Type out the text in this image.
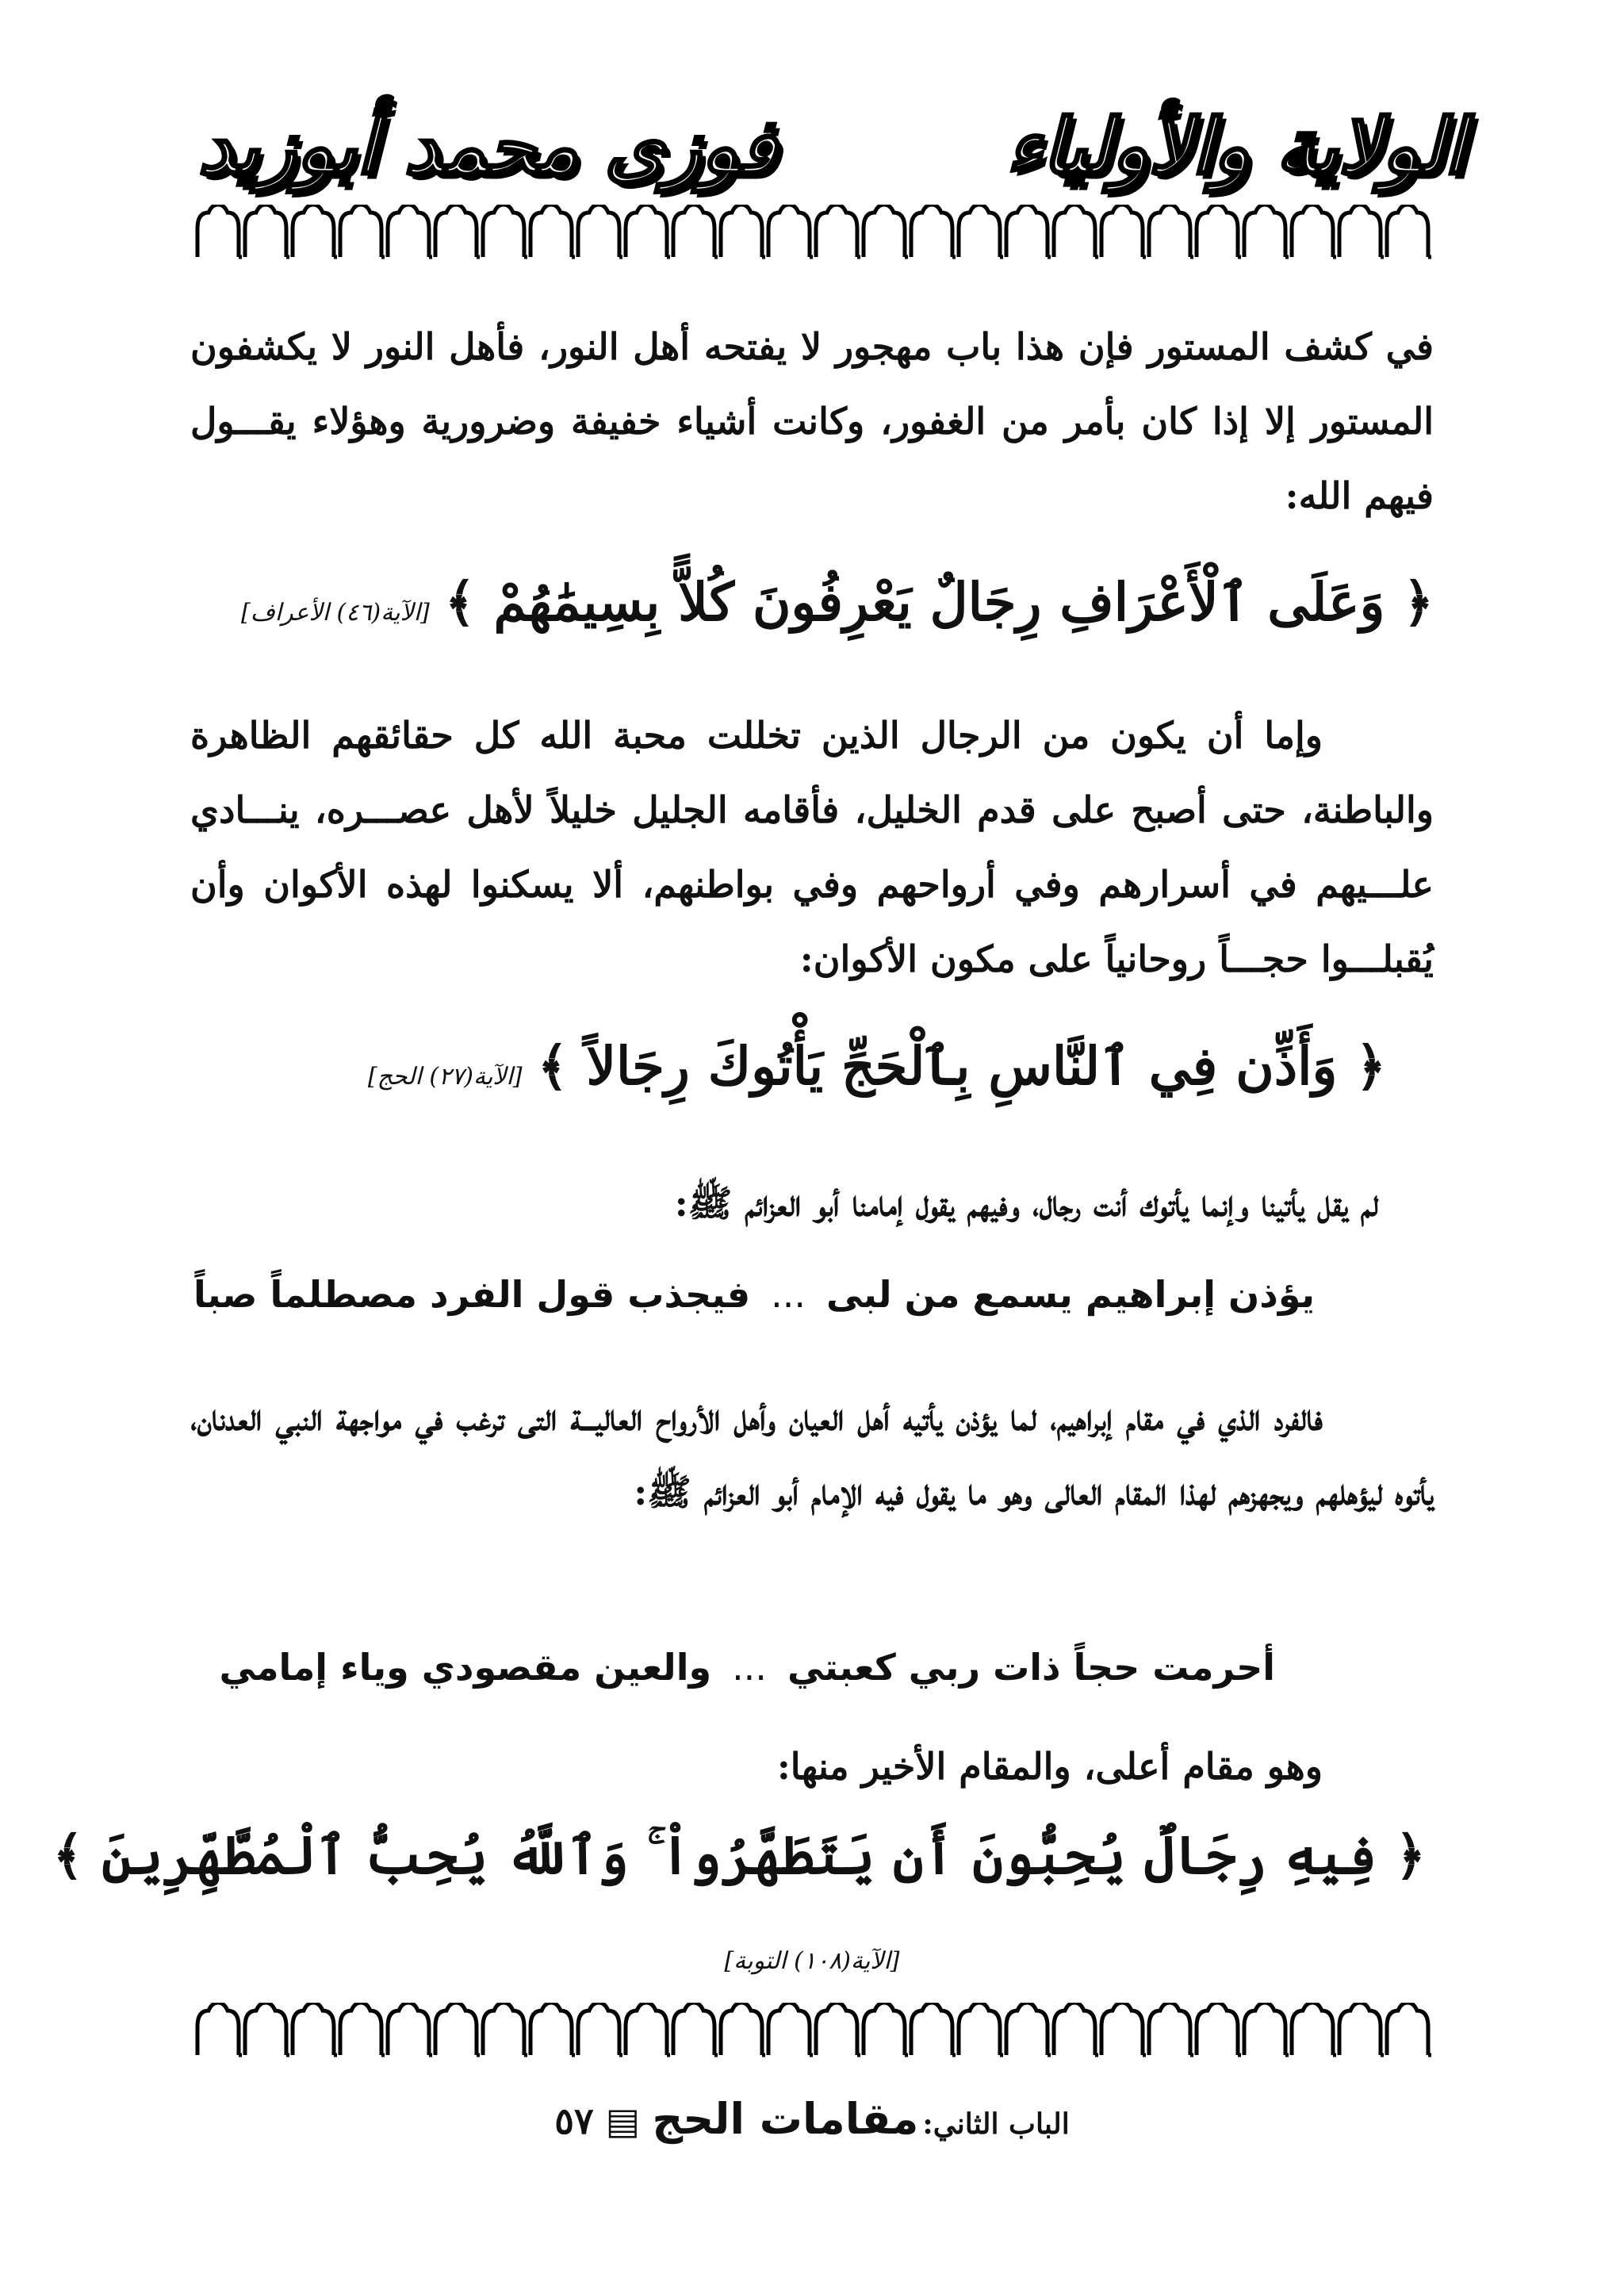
الولاية والأولياء
فوزى محمد أبوزيد
في كشف المستور فإن هذا باب مهجور لا يفتحه أهل النور، فأهل النور لا يكشفون المستور إلا إذا كان بأمر من الغفور، وكانت أشياء خفيفة وضرورية وهؤلاء يقـــول فيهم الله:
﴿ وَعَلَى ٱلْأَعْرَافِ رِجَالٌ يَعْرِفُونَ كُلاًّ بِسِيمَٰهُمْ ﴾ [الآية(٤٦) الأعراف]
وإما أن يكون من الرجال الذين تخللت محبة الله كل حقائقهم الظاهرة والباطنة، حتى أصبح على قدم الخليل، فأقامه الجليل خليلاً لأهل عصـــره، ينـــادي علـــيهم في أسرارهم وفي أرواحهم وفي بواطنهم، ألا يسكنوا لهذه الأكوان وأن يُقبلـــوا حجـــاً روحانياً على مكون الأكوان:
﴿ وَأَذِّن فِي ٱلنَّاسِ بِٱلْحَجِّ يَأْتُوكَ رِجَالاً ﴾ [الآية(٢٧) الحج]
لم يقل يأتينا وإنما يأتوك أنت رجال، وفيهم يقول إمامنا أبو العزائم ﷺ:
يؤذن إبراهيم يسمع من لبى...فيجذب قول الفرد مصطلماً صباً
فالفرد الذي في مقام إبراهيم، لما يؤذن يأتيه أهل العيان وأهل الأرواح العاليـــة التى ترغب في مواجهة النبي العدنان، يأتوه ليؤهلهم ويجهزهم لهذا المقام العالى وهو ما يقول فيه الإمام أبو العزائم ﷺ:
أحرمت حجاً ذات ربي كعبتي...والعين مقصودي وياء إمامي
وهو مقام أعلى، والمقام الأخير منها:
﴿ فِيهِ رِجَالٌ يُحِبُّونَ أَن يَتَطَهَّرُواْ ۚ وَٱللَّهُ يُحِبُّ ٱلْمُطَّهِّرِينَ ﴾
[الآية(١٠٨) التوبة]
الباب الثاني: مقامات الحج ▤ ٥٧
